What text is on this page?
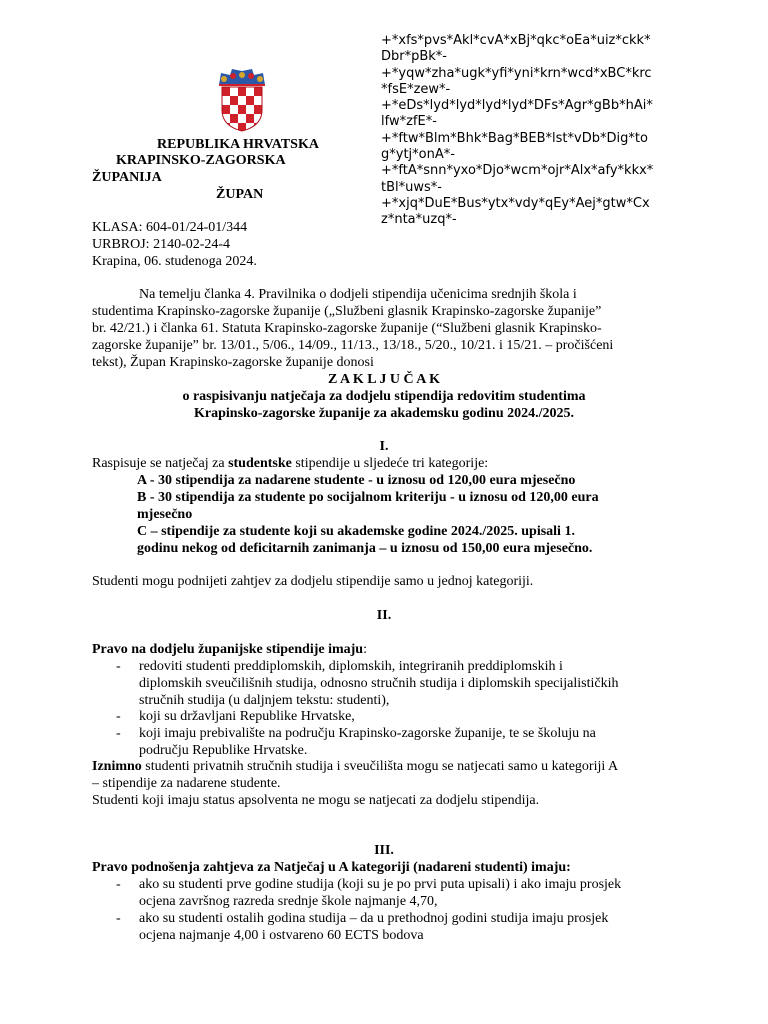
+*xfs*pvs*Akl*cvA*xBj*qkc*oEa*uiz*ckk*
Dbr*pBk*-
+*yqw*zha*ugk*yfi*yni*krn*wcd*xBC*krc
*fsE*zew*-
+*eDs*lyd*lyd*lyd*lyd*DFs*Agr*gBb*hAi*
lfw*zfE*-
+*ftw*Blm*Bhk*Bag*BEB*lst*vDb*Dig*to
g*ytj*onA*-
+*ftA*snn*yxo*Djo*wcm*ojr*Alx*afy*kkx*
tBl*uws*-
+*xjq*DuE*Bus*ytx*vdy*qEy*Aej*gtw*Cx
z*nta*uzq*-
REPUBLIKA HRVATSKA
KRAPINSKO-ZAGORSKA
ŽUPANIJA
ŽUPAN
KLASA: 604-01/24-01/344
URBROJ: 2140-02-24-4
Krapina, 06. studenoga 2024.
Na temelju članka 4. Pravilnika o dodjeli stipendija učenicima srednjih škola i
studentima Krapinsko-zagorske županije („Službeni glasnik Krapinsko-zagorske županije”
br. 42/21.) i članka 61. Statuta Krapinsko-zagorske županije (“Službeni glasnik Krapinsko-
zagorske županije” br. 13/01., 5/06., 14/09., 11/13., 13/18., 5/20., 10/21. i 15/21. – pročišćeni
tekst), Župan Krapinsko-zagorske županije donosi
Z A K L J U Č A K
o raspisivanju natječaja za dodjelu stipendija redovitim studentima
Krapinsko-zagorske županije za akademsku godinu 2024./2025.
I.
Raspisuje se natječaj za studentske stipendije u sljedeće tri kategorije:
A - 30 stipendija za nadarene studente - u iznosu od 120,00 eura mjesečno
B - 30 stipendija za studente po socijalnom kriteriju - u iznosu od 120,00 eura
mjesečno
C – stipendije za studente koji su akademske godine 2024./2025. upisali 1.
godinu nekog od deficitarnih zanimanja – u iznosu od 150,00 eura mjesečno.
Studenti mogu podnijeti zahtjev za dodjelu stipendije samo u jednoj kategoriji.
II.
Pravo na dodjelu županijske stipendije imaju:
- redoviti studenti preddiplomskih, diplomskih, integriranih preddiplomskih i
diplomskih sveučilišnih studija, odnosno stručnih studija i diplomskih specijalističkih
stručnih studija (u daljnjem tekstu: studenti),
- koji su državljani Republike Hrvatske,
- koji imaju prebivalište na području Krapinsko-zagorske županije, te se školuju na
području Republike Hrvatske.
Iznimno studenti privatnih stručnih studija i sveučilišta mogu se natjecati samo u kategoriji A
– stipendije za nadarene studente.
Studenti koji imaju status apsolventa ne mogu se natjecati za dodjelu stipendija.
III.
Pravo podnošenja zahtjeva za Natječaj u A kategoriji (nadareni studenti) imaju:
- ako su studenti prve godine studija (koji su je po prvi puta upisali) i ako imaju prosjek
ocjena završnog razreda srednje škole najmanje 4,70,
- ako su studenti ostalih godina studija – da u prethodnoj godini studija imaju prosjek
ocjena najmanje 4,00 i ostvareno 60 ECTS bodova
